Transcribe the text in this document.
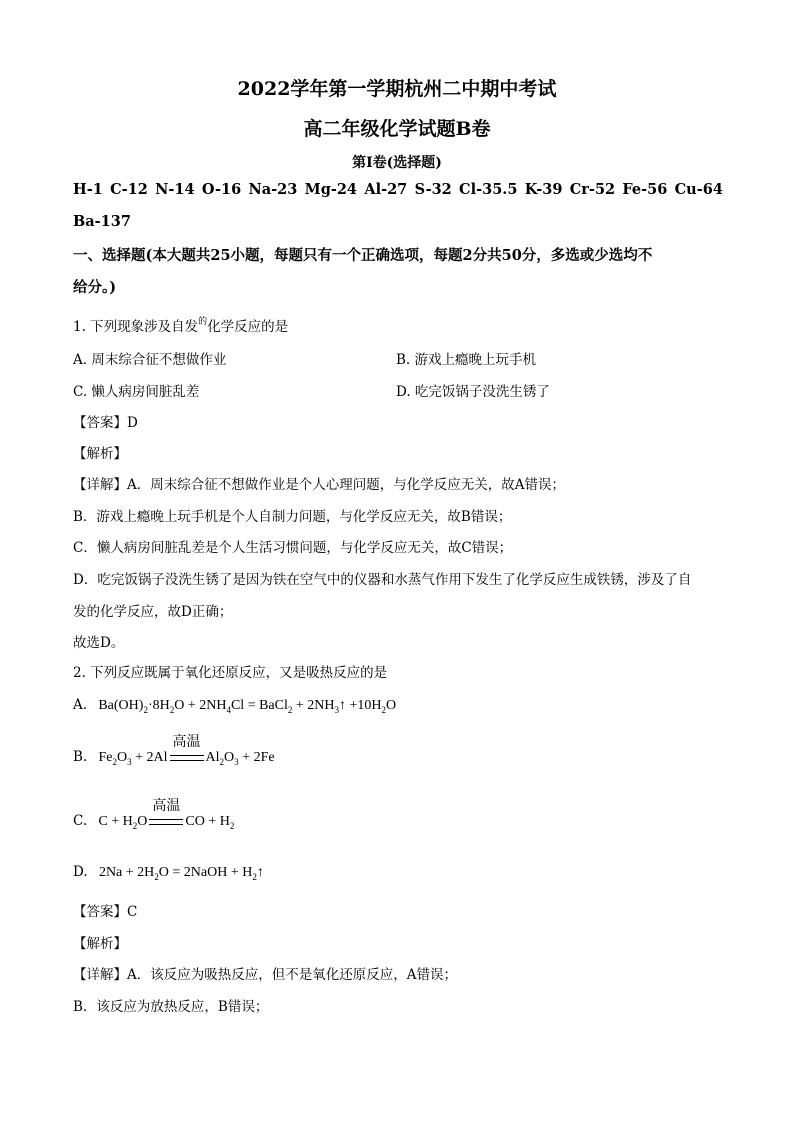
2022学年第一学期杭州二中期中考试
高二年级化学试题B卷
第Ⅰ卷(选择题)
H-1 C-12 N-14 O-16 Na-23 Mg-24 Al-27 S-32 Cl-35.5 K-39 Cr-52 Fe-56 Cu-64
Ba-137
一、选择题(本大题共25小题，每题只有一个正确选项，每题2分共50分，多选或少选均不
给分。)
1. 下列现象涉及自发$^的$化学反应的是
A. 周末综合征不想做作业	B. 游戏上瘾晚上玩手机
C. 懒人病房间脏乱差	D. 吃完饭锅子没洗生锈了
【答案】D
【解析】
【详解】A．周末综合征不想做作业是个人心理问题，与化学反应无关，故A错误；
B．游戏上瘾晚上玩手机是个人自制力问题，与化学反应无关，故B错误；
C．懒人病房间脏乱差是个人生活习惯问题，与化学反应无关，故C错误；
D．吃完饭锅子没洗生锈了是因为铁在空气中的仪器和水蒸气作用下发生了化学反应生成铁锈，涉及了自
发的化学反应，故D正确；
故选D。
2. 下列反应既属于氧化还原反应，又是吸热反应的是
A.   $Ba(OH)_2\cdot 8H_2O + 2NH_4Cl$ = BaCl$_2$ + $2NH_3↑ +10H_2O$
B.   $Fe_2O_3 + 2Al$
高温
$Al_2O_3 + 2Fe$
C.   $C + H_2O$
高温
CO + $H_2$
D.   $2Na + 2H_2O$ = 2NaOH + $H_2↑$
【答案】C
【解析】
【详解】A．该反应为吸热反应，但不是氧化还原反应，A错误；
B．该反应为放热反应，B错误；
